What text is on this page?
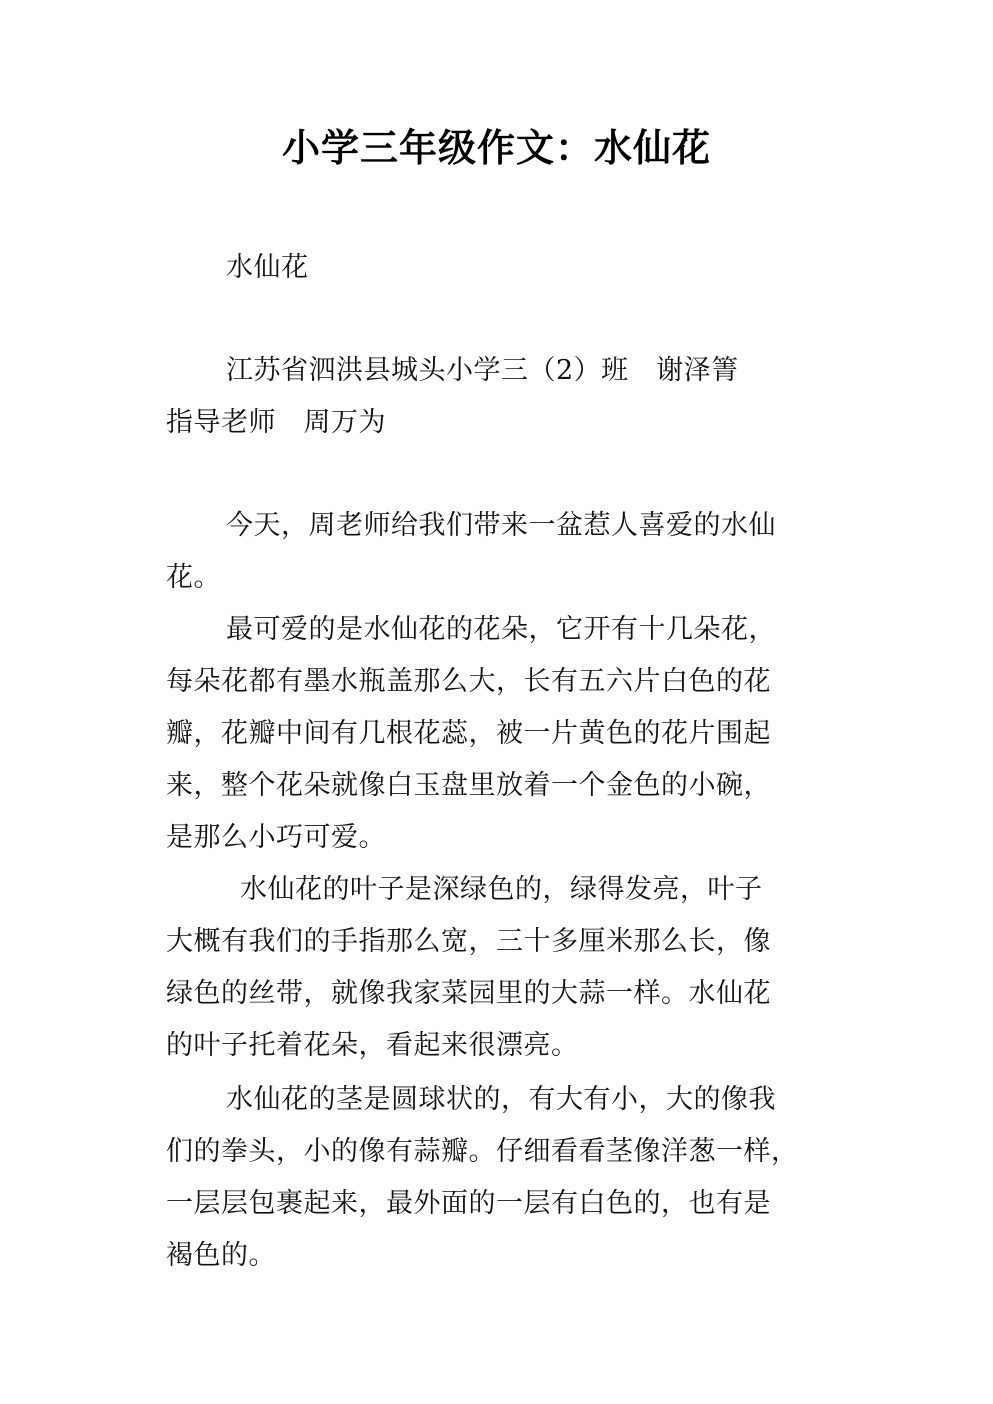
小学三年级作文：水仙花
水仙花
江苏省泗洪县城头小学三（2）班　谢泽箐
指导老师　周万为
今天，周老师给我们带来一盆惹人喜爱的水仙
花。
最可爱的是水仙花的花朵，它开有十几朵花，
每朵花都有墨水瓶盖那么大，长有五六片白色的花
瓣，花瓣中间有几根花蕊，被一片黄色的花片围起
来，整个花朵就像白玉盘里放着一个金色的小碗，
是那么小巧可爱。
水仙花的叶子是深绿色的，绿得发亮，叶子
大概有我们的手指那么宽，三十多厘米那么长，像
绿色的丝带，就像我家菜园里的大蒜一样。水仙花
的叶子托着花朵，看起来很漂亮。
水仙花的茎是圆球状的，有大有小，大的像我
们的拳头，小的像有蒜瓣。仔细看看茎像洋葱一样，
一层层包裹起来，最外面的一层有白色的，也有是
褐色的。
